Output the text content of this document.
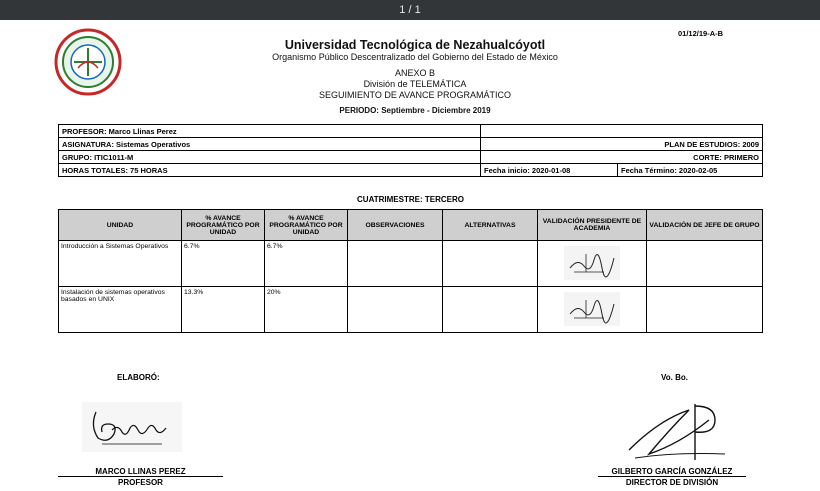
1 / 1
01/12/19-A-B
Universidad Tecnológica de Nezahualcóyotl
Organismo Público Descentralizado del Gobierno del Estado de México
ANEXO B
División de TELEMÁTICA
SEGUIMIENTO DE AVANCE PROGRAMÁTICO
PERIODO: Septiembre - Diciembre 2019
PROFESOR: Marco Llinas Perez		
ASIGNATURA: Sistemas Operativos	PLAN DE ESTUDIOS: 2009	
GRUPO: ITIC1011-M	CORTE: PRIMERO	
HORAS TOTALES: 75 HORAS	Fecha inicio: 2020-01-08	Fecha Término: 2020-02-05
CUATRIMESTRE: TERCERO
UNIDAD	% AVANCE PROGRAMÁTICO POR UNIDAD	% AVANCE PROGRAMÁTICO POR UNIDAD	OBSERVACIONES	ALTERNATIVAS	VALIDACIÓN PRESIDENTE DE ACADEMIA	VALIDACIÓN DE JEFE DE GRUPO
Introducción a Sistemas Operativos	6.7%	6.7%				
Instalación de sistemas operativos basados en UNIX	13.3%	20%				
ELABORÓ:	Vo. Bo.
MARCO LLINAS PEREZ
PROFESOR
GILBERTO GARCÍA GONZÁLEZ
DIRECTOR DE DIVISIÓN
